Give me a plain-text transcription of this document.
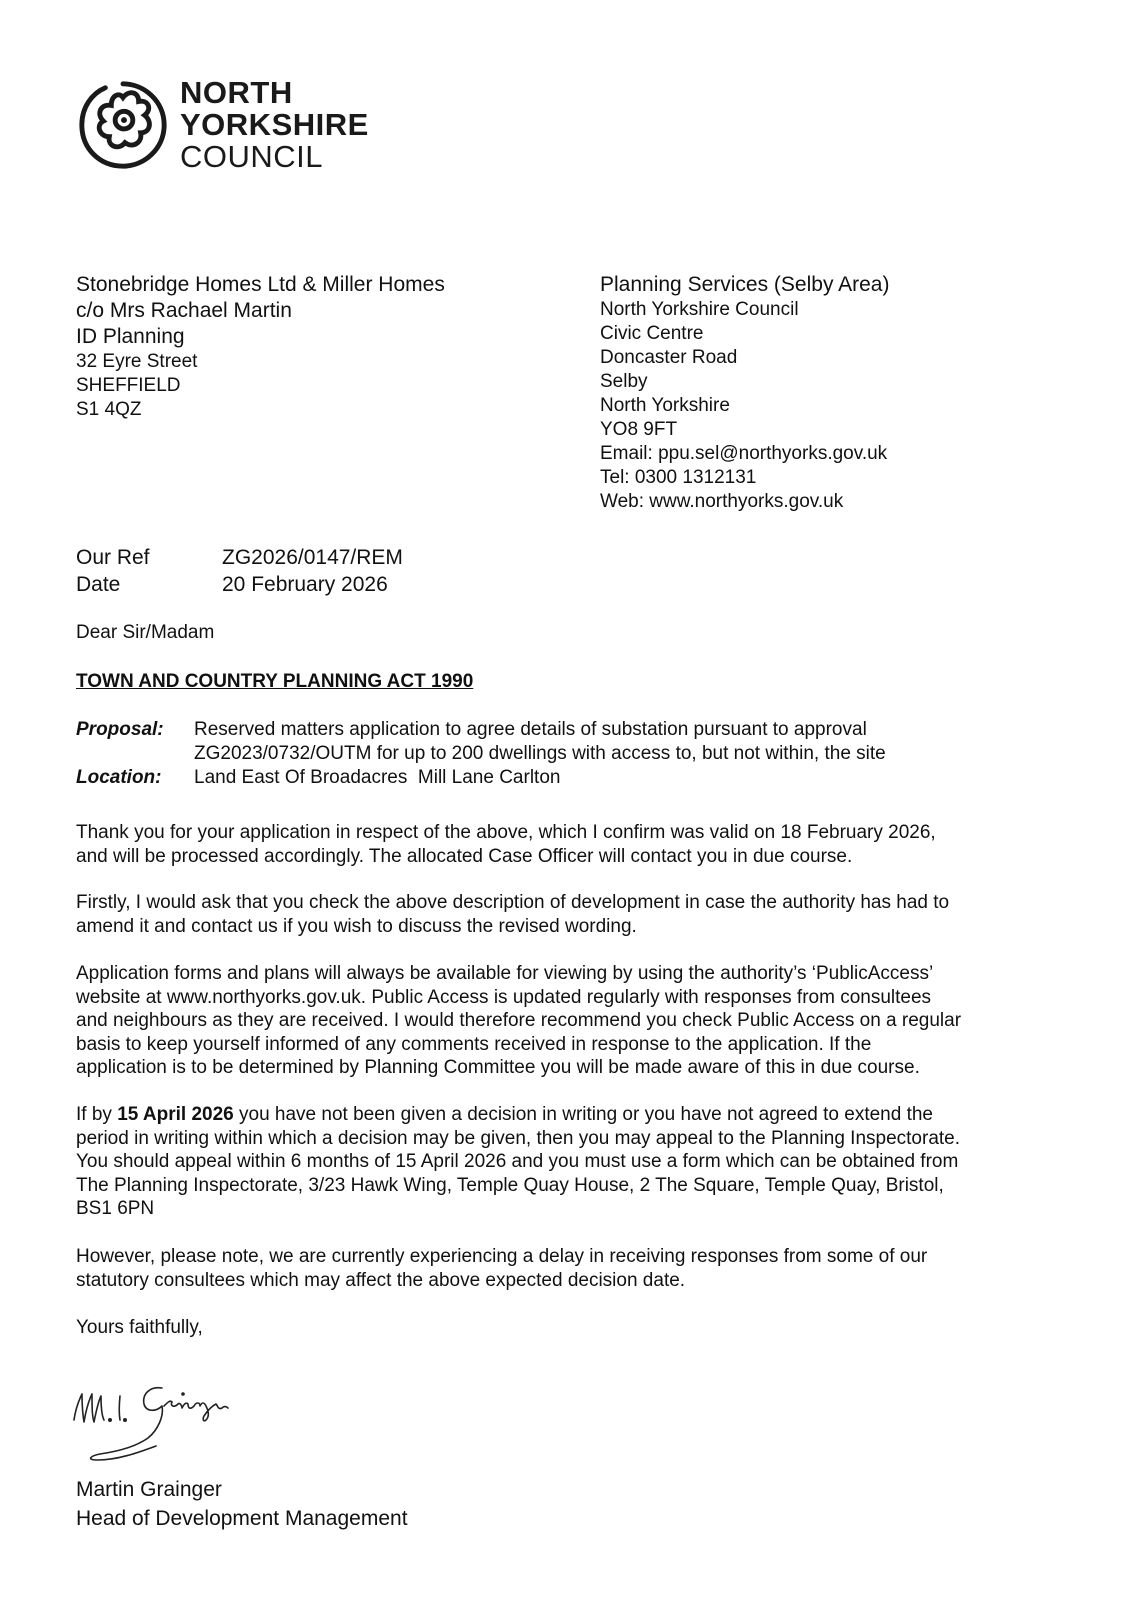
NORTH
YORKSHIRE
COUNCIL
Stonebridge Homes Ltd & Miller Homes
c/o Mrs Rachael Martin
ID Planning
32 Eyre Street
SHEFFIELD
S1 4QZ
Planning Services (Selby Area)
North Yorkshire Council
Civic Centre
Doncaster Road
Selby
North Yorkshire
YO8 9FT
Email: ppu.sel@northyorks.gov.uk
Tel: 0300 1312131
Web: www.northyorks.gov.uk
Our Ref	ZG2026/0147/REM
Date	20 February 2026
Dear Sir/Madam
TOWN AND COUNTRY PLANNING ACT 1990
Proposal:	Reserved matters application to agree details of substation pursuant to approval
ZG2023/0732/OUTM for up to 200 dwellings with access to, but not within, the site
Location:	Land East Of Broadacres  Mill Lane Carlton
Thank you for your application in respect of the above, which I confirm was valid on 18 February 2026,
and will be processed accordingly. The allocated Case Officer will contact you in due course.
Firstly, I would ask that you check the above description of development in case the authority has had to
amend it and contact us if you wish to discuss the revised wording.
Application forms and plans will always be available for viewing by using the authority’s ‘PublicAccess’
website at www.northyorks.gov.uk. Public Access is updated regularly with responses from consultees
and neighbours as they are received. I would therefore recommend you check Public Access on a regular
basis to keep yourself informed of any comments received in response to the application. If the
application is to be determined by Planning Committee you will be made aware of this in due course.
If by 15 April 2026 you have not been given a decision in writing or you have not agreed to extend the
period in writing within which a decision may be given, then you may appeal to the Planning Inspectorate.
You should appeal within 6 months of 15 April 2026 and you must use a form which can be obtained from
The Planning Inspectorate, 3/23 Hawk Wing, Temple Quay House, 2 The Square, Temple Quay, Bristol,
BS1 6PN
However, please note, we are currently experiencing a delay in receiving responses from some of our
statutory consultees which may affect the above expected decision date.
Yours faithfully,
Martin Grainger
Head of Development Management
